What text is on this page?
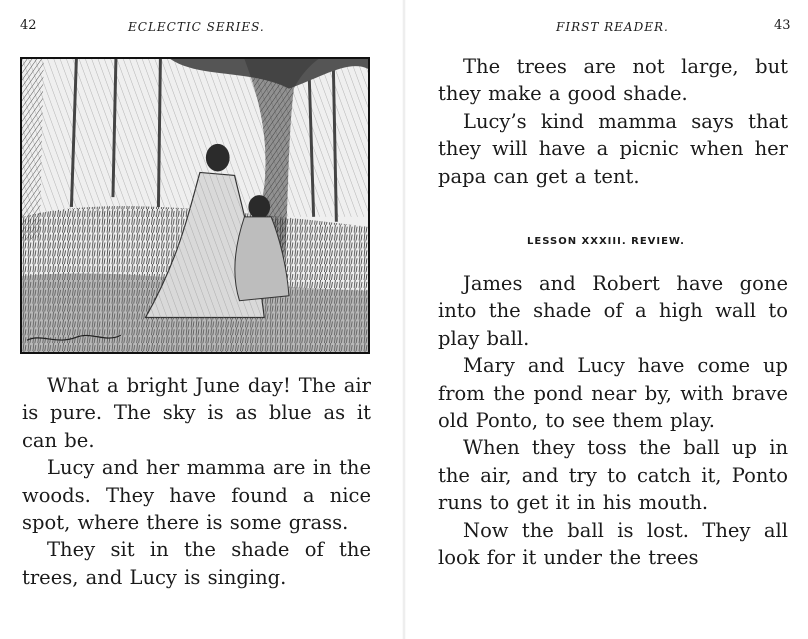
42	ECLECTIC SERIES.

What a bright June day! The air is pure. The sky is as blue as it can be.

Lucy and her mamma are in the woods. They have found a nice spot, where there is some grass.

They sit in the shade of the trees, and Lucy is singing.

FIRST READER.	43

The trees are not large, but they make a good shade.

Lucy’s kind mamma says that they will have a picnic when her papa can get a tent.

LESSON XXXIII. REVIEW.

James and Robert have gone into the shade of a high wall to play ball.

Mary and Lucy have come up from the pond near by, with brave old Ponto, to see them play.

When they toss the ball up in the air, and try to catch it, Ponto runs to get it in his mouth.

Now the ball is lost. They all look for it under the trees
